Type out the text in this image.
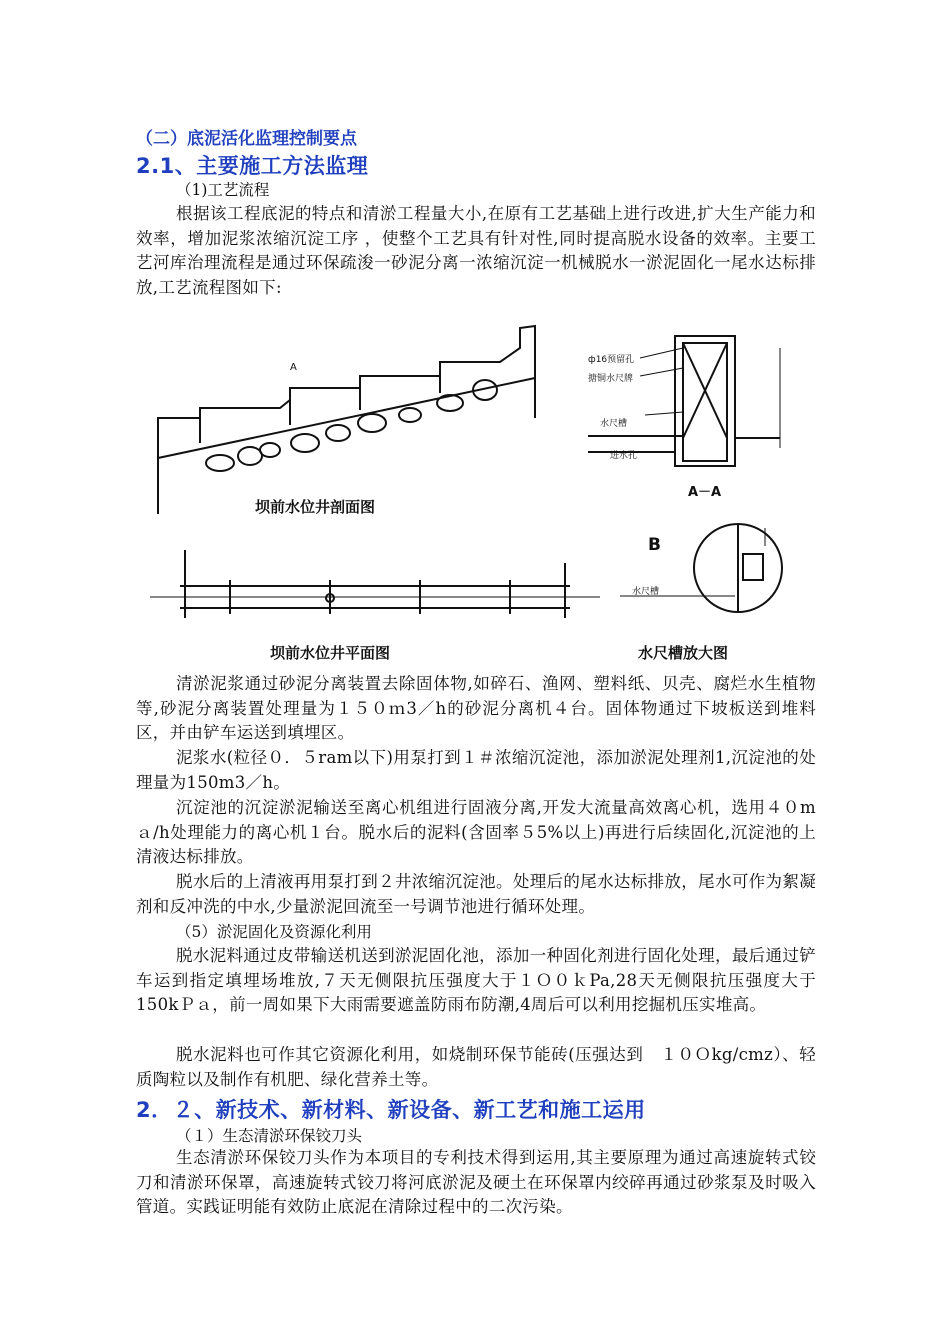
（二）底泥活化监理控制要点

2.1、主要施工方法监理

（1)工艺流程

根据该工程底泥的特点和清淤工程量大小,在原有工艺基础上进行改进,扩大生产能力和效率，增加泥浆浓缩沉淀工序 ，使整个工艺具有针对性,同时提高脱水设备的效率。主要工艺河库治理流程是通过环保疏浚一砂泥分离一浓缩沉淀一机械脱水一淤泥固化一尾水达标排放,工艺流程图如下:

A
坝前水位井剖面图
ф16预留孔
搪铜水尺牌
水尺槽
进水孔
A－A
坝前水位井平面图
B
水尺槽
水尺槽放大图

清淤泥浆通过砂泥分离装置去除固体物,如碎石、渔网、塑料纸、贝壳、腐烂水生植物等,砂泥分离装置处理量为１５０ｍ3／h的砂泥分离机４台。固体物通过下坡板送到堆料区，并由铲车运送到填埋区。

泥浆水(粒径０．５ram以下)用泵打到１＃浓缩沉淀池，添加淤泥处理剂1,沉淀池的处理量为150m3／h。

沉淀池的沉淀淤泥输送至离心机组进行固液分离,开发大流量高效离心机，选用４０mａ/h处理能力的离心机１台。脱水后的泥料(含固率５5%以上)再进行后续固化,沉淀池的上清液达标排放。

脱水后的上清液再用泵打到２井浓缩沉淀池。处理后的尾水达标排放，尾水可作为絮凝剂和反冲洗的中水,少量淤泥回流至一号调节池进行循环处理。

（5）淤泥固化及资源化利用

脱水泥料通过皮带输送机送到淤泥固化池，添加一种固化剂进行固化处理，最后通过铲车运到指定填埋场堆放,７天无侧限抗压强度大于１Ｏ０ｋPa,28天无侧限抗压强度大于150kＰａ，前一周如果下大雨需要遮盖防雨布防潮,4周后可以利用挖掘机压实堆高。

脱水泥料也可作其它资源化利用，如烧制环保节能砖(压强达到　１０Ｏkg/cmz）、轻质陶粒以及制作有机肥、绿化营养土等。

2．２、新技术、新材料、新设备、新工艺和施工运用

（１）生态清淤环保铰刀头

生态清淤环保铰刀头作为本项目的专利技术得到运用,其主要原理为通过高速旋转式铰刀和清淤环保罩，高速旋转式铰刀将河底淤泥及硬土在环保罩内绞碎再通过砂浆泵及时吸入管道。实践证明能有效防止底泥在清除过程中的二次污染。
